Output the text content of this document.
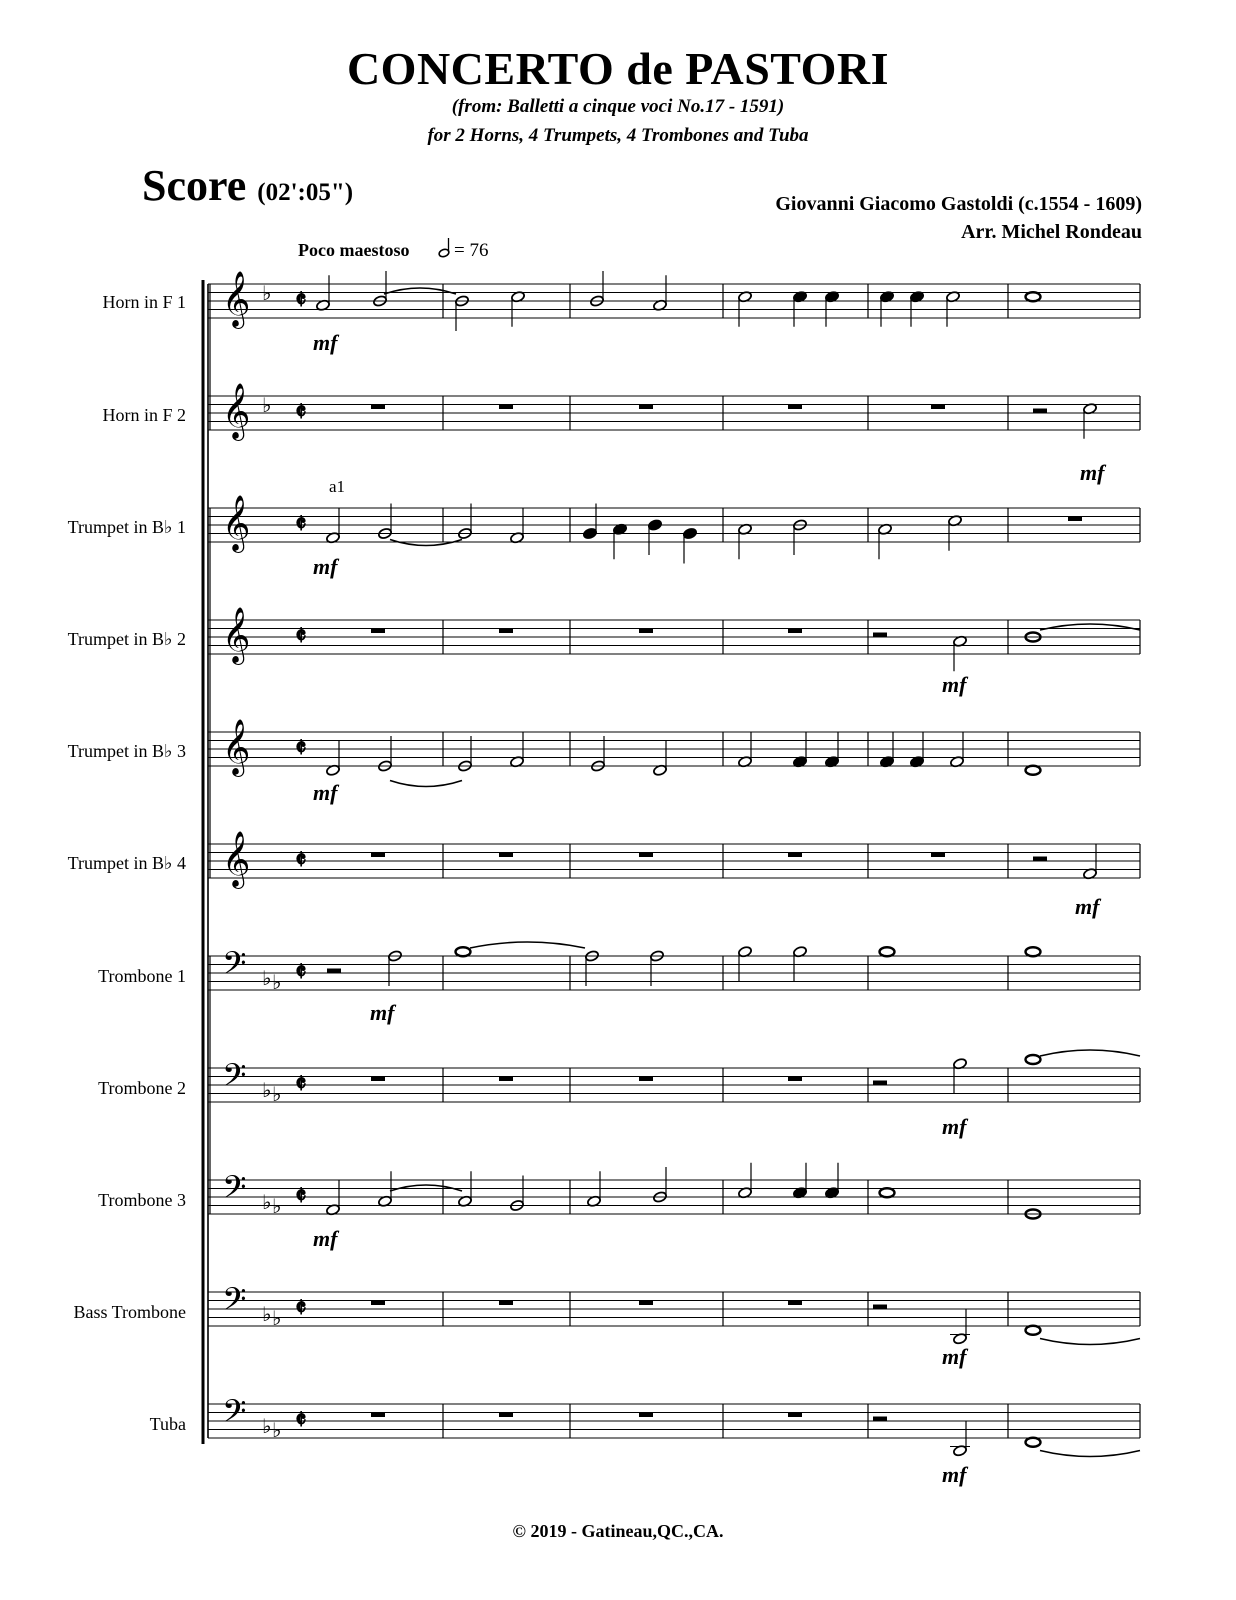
CONCERTO de PASTORI
(from: Balletti a cinque voci No.17 - 1591)
for 2 Horns, 4 Trumpets, 4 Trombones and Tuba
Score (02':05")	Giovanni Giacomo Gastoldi (c.1554 - 1609)
Arr. Michel Rondeau
Poco maestoso	= 76
Horn in F 1
Horn in F 2
Trumpet in B♭ 1
Trumpet in B♭ 2
Trumpet in B♭ 3
Trumpet in B♭ 4
Trombone 1
Trombone 2
Trombone 3
Bass Trombone
Tuba
𝄞 ♭ 𝄵
𝄞 ♭ 𝄵
𝄞 𝄵
𝄞 𝄵
𝄞 𝄵
𝄞 𝄵
𝄢 ♭ ♭ 𝄵
𝄢 ♭ ♭ 𝄵
𝄢 ♭ ♭ 𝄵
𝄢 ♭ ♭ 𝄵
𝄢 ♭ ♭ 𝄵
mf
mf
mf
a1
mf
mf
mf
mf
mf
mf
mf
mf
© 2019 - Gatineau,QC.,CA.
